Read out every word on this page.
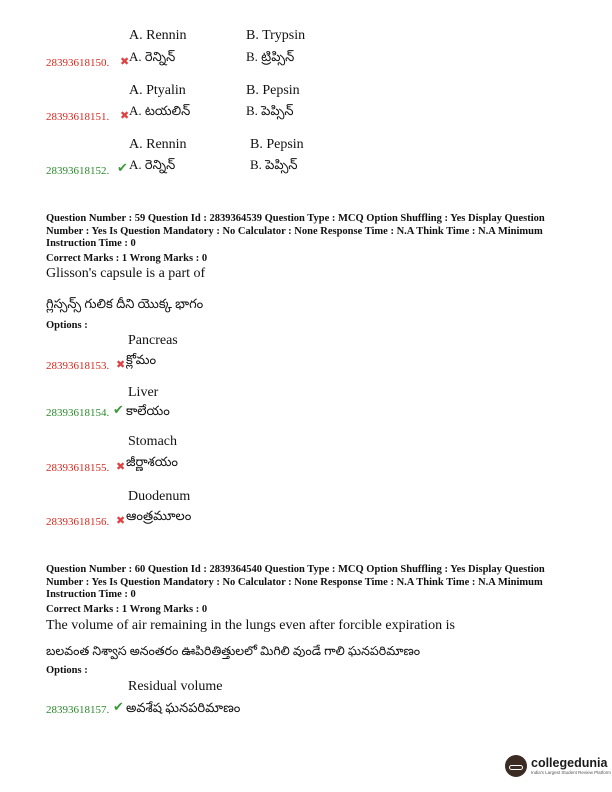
A. Rennin	B. Trypsin
28393618150. ✖ A. రెన్నిన్	B. ట్రిప్సిన్
A. Ptyalin	B. Pepsin
28393618151. ✖ A. టయలిన్	B. పెప్సిన్
A. Rennin	B. Pepsin
28393618152. ✔ A. రెన్నిన్	B. పెప్సిన్
Question Number : 59 Question Id : 2839364539 Question Type : MCQ Option Shuffling : Yes Display Question Number : Yes Is Question Mandatory : No Calculator : None Response Time : N.A Think Time : N.A Minimum Instruction Time : 0
Correct Marks : 1 Wrong Marks : 0
Glisson's capsule is a part of
గ్లిస్సన్స్ గులిక దీని యొక్క భాగం
Options :
Pancreas
28393618153. ✖ క్లోమం
Liver
28393618154. ✔ కాలేయం
Stomach
28393618155. ✖ జీర్ణాశయం
Duodenum
28393618156. ✖ ఆంత్రమూలం
Question Number : 60 Question Id : 2839364540 Question Type : MCQ Option Shuffling : Yes Display Question Number : Yes Is Question Mandatory : No Calculator : None Response Time : N.A Think Time : N.A Minimum Instruction Time : 0
Correct Marks : 1 Wrong Marks : 0
The volume of air remaining in the lungs even after forcible expiration is
బలవంత నిశ్వాస అనంతరం ఊపిరితిత్తులలో మిగిలి వుండే గాలి ఘనపరిమాణం
Options :
Residual volume
28393618157. ✔ అవశేష ఘనపరిమాణం
collegedunia
India's Largest Student Review Platform
